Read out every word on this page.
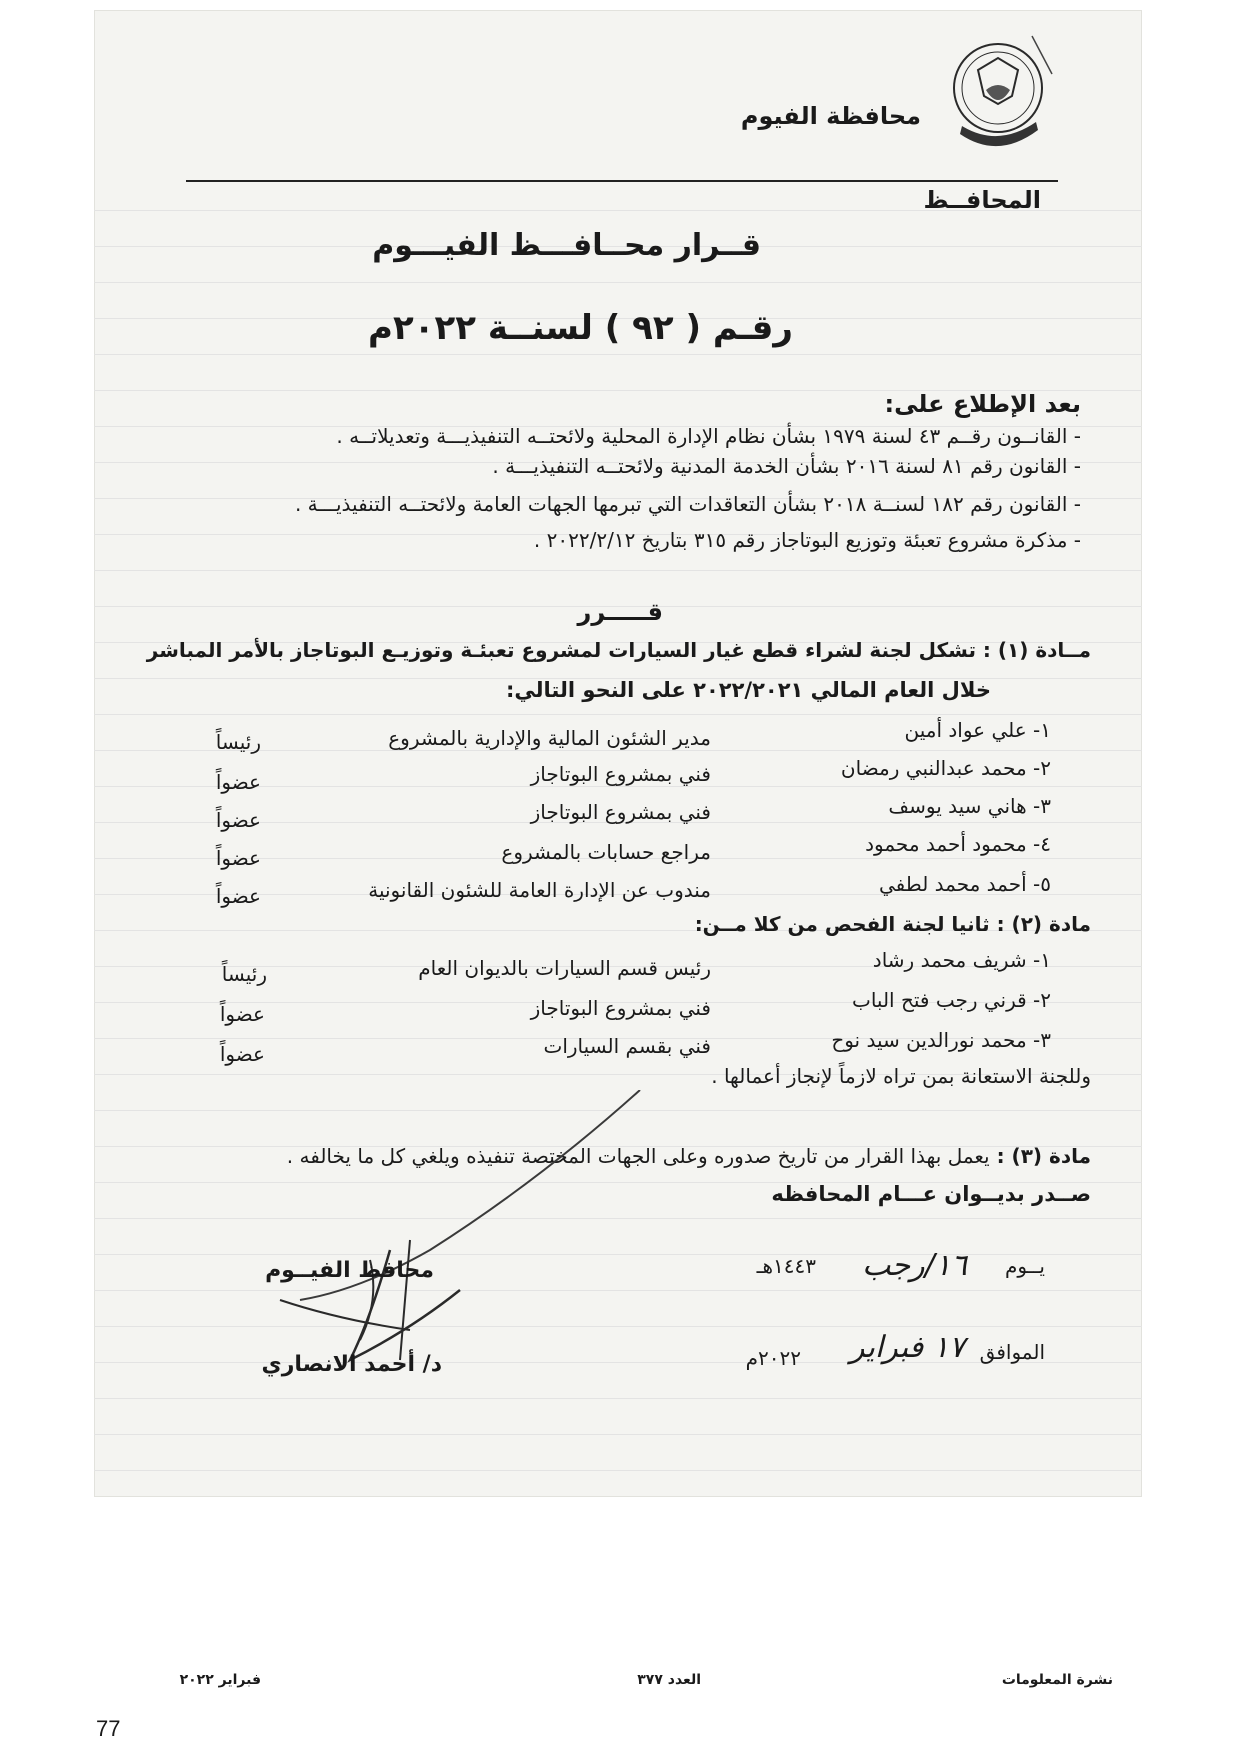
محافظة الفيوم
المحافــظ
قــرار محــافـــظ الفيـــوم
رقـم ( ٩٢ ) لسنــة ٢٠٢٢م
بعد الإطلاع على:
- القانــون رقــم ٤٣ لسنة ١٩٧٩ بشأن نظام الإدارة المحلية ولائحتــه التنفيذيـــة وتعديلاتــه .
- القانون رقم ٨١ لسنة ٢٠١٦ بشأن الخدمة المدنية ولائحتــه التنفيذيـــة .
- القانون رقم ١٨٢ لسنــة ٢٠١٨ بشأن التعاقدات التي تبرمها الجهات العامة ولائحتــه التنفيذيـــة .
- مذكرة مشروع تعبئة وتوزيع البوتاجاز رقم ٣١٥ بتاريخ ٢٠٢٢/٢/١٢ .
قـــــرر
مــادة (١) : تشكل لجنة لشراء قطع غيار السيارات لمشروع تعبئـة وتوزيـع البوتاجاز بالأمر المباشر
خلال العام المالي ٢٠٢٢/٢٠٢١ على النحو التالي:
١- علي عواد أمين
مدير الشئون المالية والإدارية بالمشروع
رئيساً
٢- محمد عبدالنبي رمضان
فني بمشروع البوتاجاز
عضواً
٣- هاني سيد يوسف
فني بمشروع البوتاجاز
عضواً
٤- محمود أحمد محمود
مراجع حسابات بالمشروع
عضواً
٥- أحمد محمد لطفي
مندوب عن الإدارة العامة للشئون القانونية
عضواً
مادة (٢) : ثانيا لجنة الفحص من كلا مــن:
١- شريف محمد رشاد
رئيس قسم السيارات بالديوان العام
رئيساً
٢- قرني رجب فتح الباب
فني بمشروع البوتاجاز
عضواً
٣- محمد نورالدين سيد نوح
فني بقسم السيارات
عضواً
وللجنة الاستعانة بمن تراه لازماً لإنجاز أعمالها .
مادة (٣) : يعمل بهذا القرار من تاريخ صدوره وعلى الجهات المختصة تنفيذه ويلغي كل ما يخالفه .
صــدر بديــوان عـــام المحافظه
محافظ الفيــوم
د/ أحمد الانصاري
يــوم
١٦/رجب
١٤٤٣هـ
الموافق
١٧ فبراير
٢٠٢٢م
نشرة المعلومات
العدد ٣٧٧
فبراير ٢٠٢٢
77
